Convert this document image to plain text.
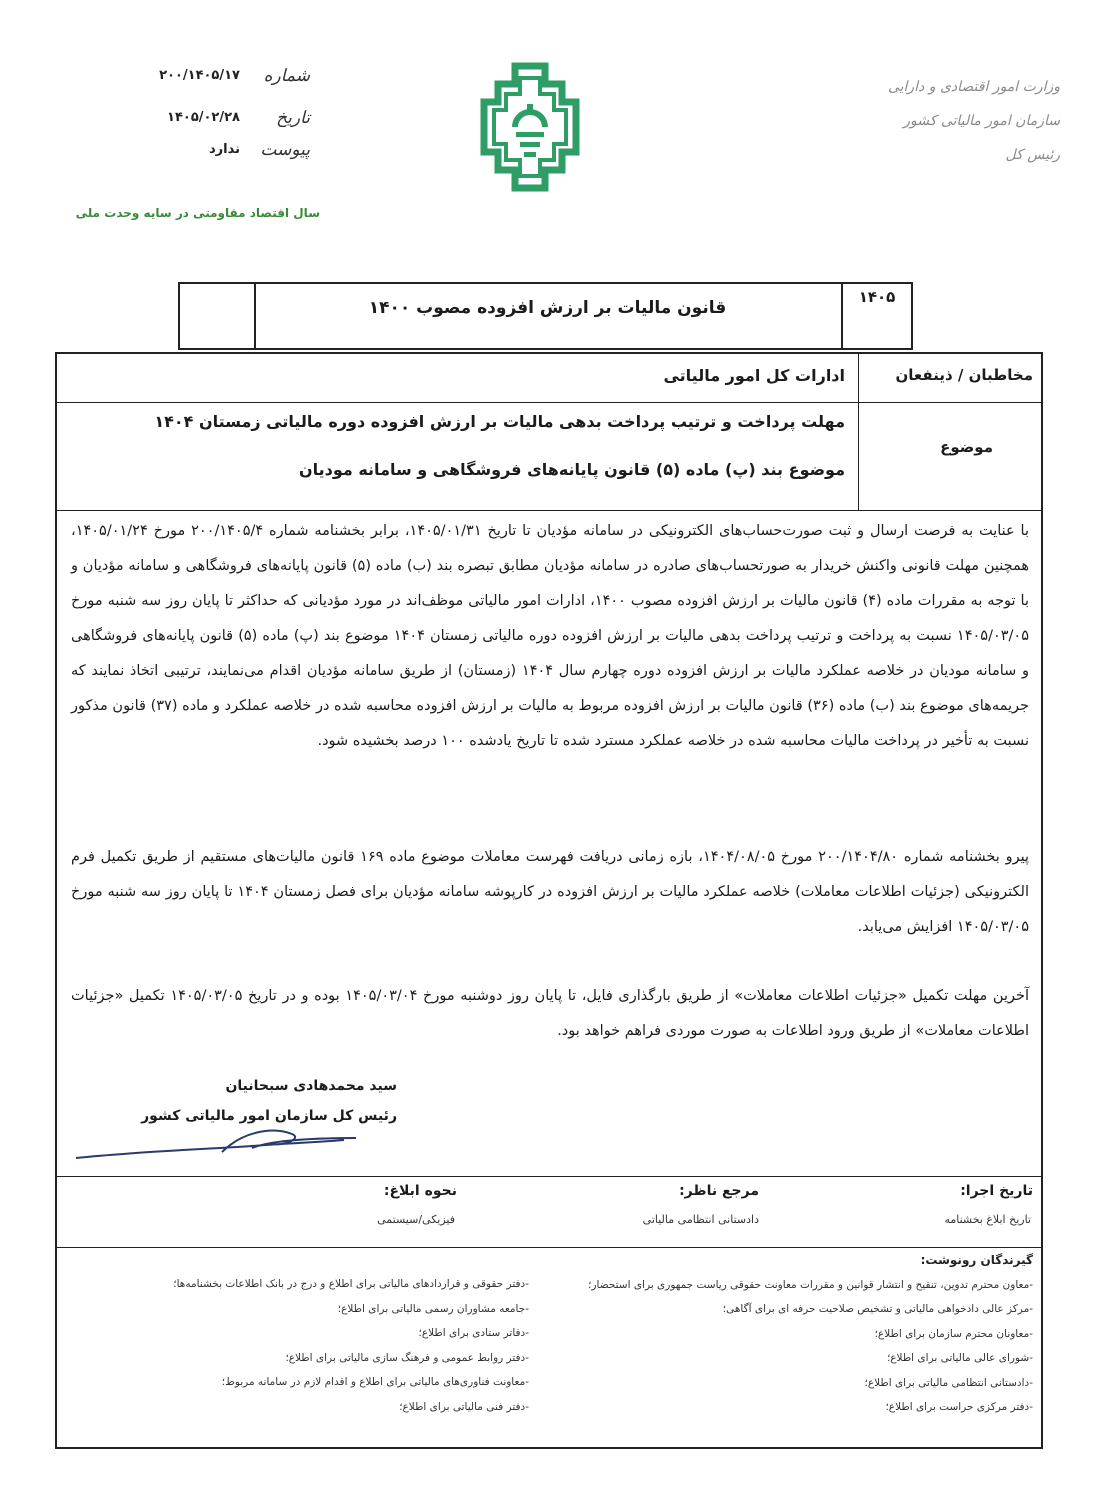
شماره
۲۰۰/۱۴۰۵/۱۷
تاریخ
۱۴۰۵/۰۲/۲۸
پیوست
ندارد
سال اقتصاد مقاومتی در سایه وحدت ملی
وزارت امور اقتصادی و دارایی
سازمان امور مالیاتی کشور
رئیس کل
۱۴۰۵
قانون مالیات بر ارزش افزوده مصوب ۱۴۰۰
مخاطبان / ذینفعان
ادارات کل امور مالیاتی
موضوع
مهلت پرداخت و ترتیب پرداخت بدهی مالیات بر ارزش افزوده دوره مالیاتی زمستان ۱۴۰۴
موضوع بند (پ) ماده (۵) قانون پایانه‌های فروشگاهی و سامانه مودیان
با عنایت به فرصت ارسال و ثبت صورت‌حساب‌های الکترونیکی در سامانه مؤدیان تا تاریخ ۱۴۰۵/۰۱/۳۱، برابر بخشنامه شماره ۲۰۰/۱۴۰۵/۴ مورخ ۱۴۰۵/۰۱/۲۴، همچنین مهلت قانونی واکنش خریدار به صورتحساب‌های صادره در سامانه مؤدیان مطابق تبصره بند (ب) ماده (۵) قانون پایانه‌های فروشگاهی و سامانه مؤدیان و با توجه به مقررات ماده (۴) قانون مالیات بر ارزش افزوده مصوب ۱۴۰۰، ادارات امور مالیاتی موظف‌اند در مورد مؤدیانی که حداکثر تا پایان روز سه شنبه مورخ ۱۴۰۵/۰۳/۰۵ نسبت به پرداخت و ترتیب پرداخت بدهی مالیات بر ارزش افزوده دوره مالیاتی زمستان ۱۴۰۴ موضوع بند (پ) ماده (۵) قانون پایانه‌های فروشگاهی و سامانه مودیان در خلاصه عملکرد مالیات بر ارزش افزوده دوره چهارم سال ۱۴۰۴ (زمستان) از طریق سامانه مؤدیان اقدام می‌نمایند، ترتیبی اتخاذ نمایند که جریمه‌های موضوع بند (ب) ماده (۳۶) قانون مالیات بر ارزش افزوده مربوط به مالیات بر ارزش افزوده محاسبه شده در خلاصه عملکرد و ماده (۳۷) قانون مذکور نسبت به تأخیر در پرداخت مالیات محاسبه شده در خلاصه عملکرد مسترد شده تا تاریخ یادشده ۱۰۰ درصد بخشیده شود.
پیرو بخشنامه شماره ۲۰۰/۱۴۰۴/۸۰ مورخ ۱۴۰۴/۰۸/۰۵، بازه زمانی دریافت فهرست معاملات موضوع ماده ۱۶۹ قانون مالیات‌های مستقیم از طریق تکمیل فرم الکترونیکی (جزئیات اطلاعات معاملات) خلاصه عملکرد مالیات بر ارزش افزوده در کارپوشه سامانه مؤدیان برای فصل زمستان ۱۴۰۴ تا پایان روز سه شنبه مورخ ۱۴۰۵/۰۳/۰۵ افزایش می‌یابد.
آخرین مهلت تکمیل «جزئیات اطلاعات معاملات» از طریق بارگذاری فایل، تا پایان روز دوشنبه مورخ ۱۴۰۵/۰۳/۰۴ بوده و در تاریخ ۱۴۰۵/۰۳/۰۵ تکمیل «جزئیات اطلاعات معاملات» از طریق ورود اطلاعات به صورت موردی فراهم خواهد بود.
سید محمدهادی سبحانیان
رئیس کل سازمان امور مالیاتی کشور
تاریخ اجرا:
تاریخ ابلاغ بخشنامه
مرجع ناظر:
دادستانی انتظامی مالیاتی
نحوه ابلاغ:
فیزیکی/سیستمی
گیرندگان رونوشت:
-معاون محترم تدوین، تنقیح و انتشار قوانین و مقررات معاونت حقوقی ریاست جمهوری برای استحضار؛
-مرکز عالی دادخواهی مالیاتی و تشخیص صلاحیت حرفه ای برای آگاهی؛
-معاونان محترم سازمان برای اطلاع؛
-شورای عالی مالیاتی برای اطلاع؛
-دادستانی انتظامی مالیاتی برای اطلاع؛
-دفتر مرکزی حراست برای اطلاع؛
-دفتر حقوقی و قراردادهای مالیاتی برای اطلاع و درج در بانک اطلاعات بخشنامه‌ها؛
-جامعه مشاوران رسمی مالیاتی برای اطلاع؛
-دفاتر ستادی برای اطلاع؛
-دفتر روابط عمومی و فرهنگ سازی مالیاتی برای اطلاع؛
-معاونت فناوری‌های مالیاتی برای اطلاع و اقدام لازم در سامانه مربوط؛
-دفتر فنی مالیاتی برای اطلاع؛
